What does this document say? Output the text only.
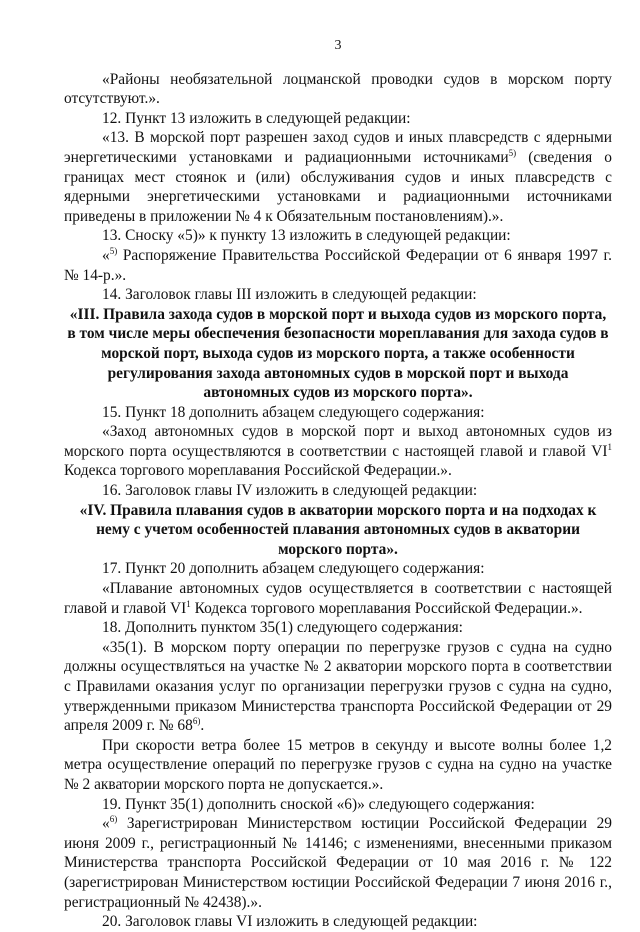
3

«Районы необязательной лоцманской проводки судов в морском порту отсутствуют.».

12. Пункт 13 изложить в следующей редакции:

«13. В морской порт разрешен заход судов и иных плавсредств с ядерными энергетическими установками и радиационными источниками$^{5)}$ (сведения о границах мест стоянок и (или) обслуживания судов и иных плавсредств с ядерными энергетическими установками и радиационными источниками приведены в приложении № 4 к Обязательным постановлениям).».

13. Сноску «5)» к пункту 13 изложить в следующей редакции:

«$^{5)}$ Распоряжение Правительства Российской Федерации от 6 января 1997 г. № 14-р.».

14. Заголовок главы III изложить в следующей редакции:

«III. Правила захода судов в морской порт и выхода судов из морского порта, в том числе меры обеспечения безопасности мореплавания для захода судов в морской порт, выхода судов из морского порта, а также особенности регулирования захода автономных судов в морской порт и выхода автономных судов из морского порта».

15. Пункт 18 дополнить абзацем следующего содержания:

«Заход автономных судов в морской порт и выход автономных судов из морского порта осуществляются в соответствии с настоящей главой и главой $VI^1$ Кодекса торгового мореплавания Российской Федерации.».

16. Заголовок главы IV изложить в следующей редакции:

«IV. Правила плавания судов в акватории морского порта и на подходах к нему с учетом особенностей плавания автономных судов в акватории морского порта».

17. Пункт 20 дополнить абзацем следующего содержания:

«Плавание автономных судов осуществляется в соответствии с настоящей главой и главой $VI^1$ Кодекса торгового мореплавания Российской Федерации.».

18. Дополнить пунктом 35(1) следующего содержания:

«35(1). В морском порту операции по перегрузке грузов с судна на судно должны осуществляться на участке № 2 акватории морского порта в соответствии с Правилами оказания услуг по организации перегрузки грузов с судна на судно, утвержденными приказом Министерства транспорта Российской Федерации от 29 апреля 2009 г. № 68$^{6)}$.

При скорости ветра более 15 метров в секунду и высоте волны более 1,2 метра осуществление операций по перегрузке грузов с судна на судно на участке № 2 акватории морского порта не допускается.».

19. Пункт 35(1) дополнить сноской «6)» следующего содержания:

«$^{6)}$ Зарегистрирован Министерством юстиции Российской Федерации 29 июня 2009 г., регистрационный № 14146; с изменениями, внесенными приказом Министерства транспорта Российской Федерации от 10 мая 2016 г. № 122 (зарегистрирован Министерством юстиции Российской Федерации 7 июня 2016 г., регистрационный № 42438).».

20. Заголовок главы VI изложить в следующей редакции:
